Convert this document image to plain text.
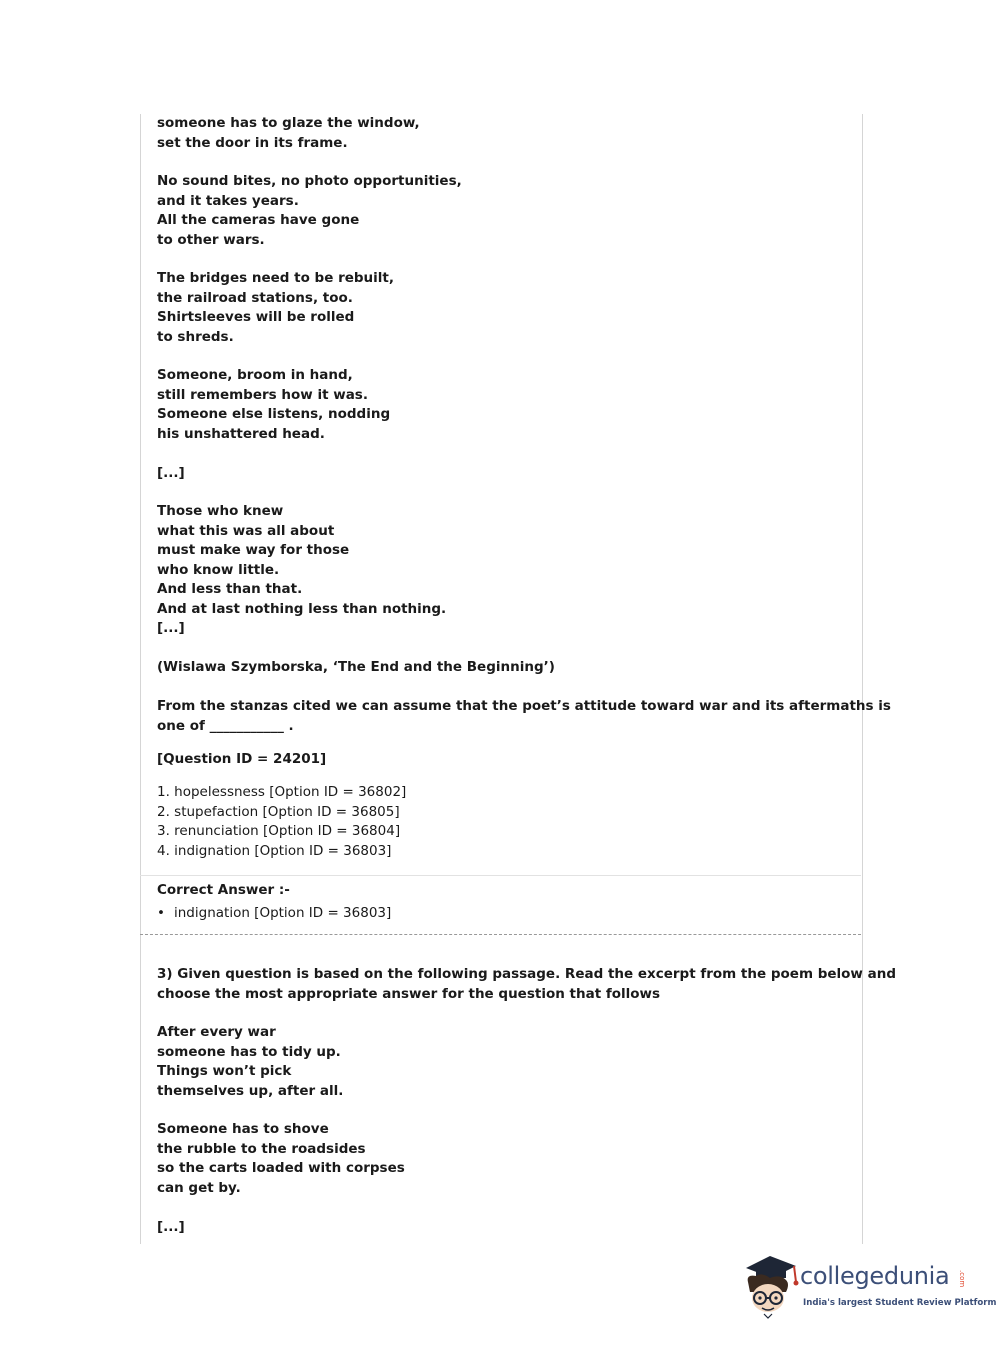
someone has to glaze the window,
set the door in its frame.
No sound bites, no photo opportunities,
and it takes years.
All the cameras have gone
to other wars.
The bridges need to be rebuilt,
the railroad stations, too.
Shirtsleeves will be rolled
to shreds.
Someone, broom in hand,
still remembers how it was.
Someone else listens, nodding
his unshattered head.
[...]
Those who knew
what this was all about
must make way for those
who know little.
And less than that.
And at last nothing less than nothing.
[...]
(Wislawa Szymborska, ‘The End and the Beginning’)
From the stanzas cited we can assume that the poet’s attitude toward war and its aftermaths is
one of ___________ .
[Question ID = 24201]
1. hopelessness [Option ID = 36802]
2. stupefaction [Option ID = 36805]
3. renunciation [Option ID = 36804]
4. indignation [Option ID = 36803]
Correct Answer :-
• indignation [Option ID = 36803]
3) Given question is based on the following passage. Read the excerpt from the poem below and
choose the most appropriate answer for the question that follows
After every war
someone has to tidy up.
Things won’t pick
themselves up, after all.
Someone has to shove
the rubble to the roadsides
so the carts loaded with corpses
can get by.
[...]
collegedunia .com
India's largest Student Review Platform
